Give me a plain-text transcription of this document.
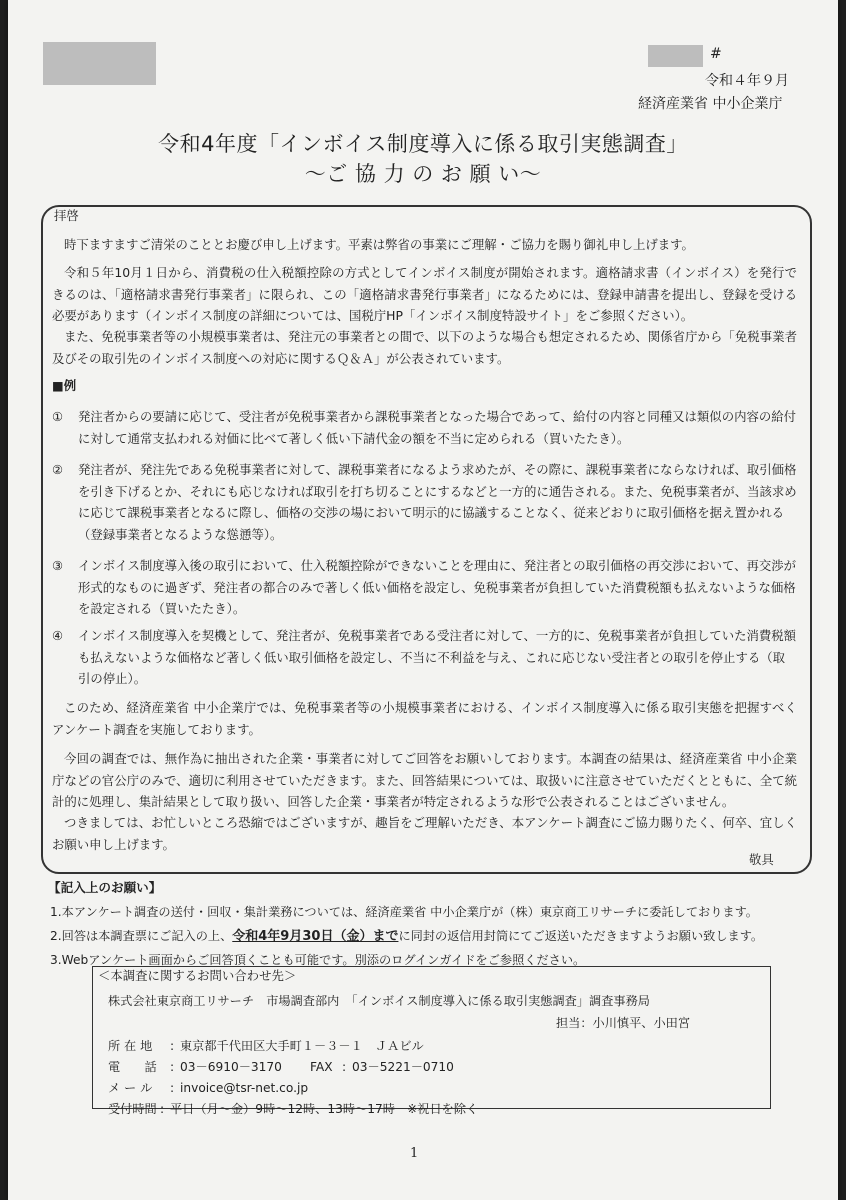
#
令和４年９月
経済産業省 中小企業庁
令和4年度「インボイス制度導入に係る取引実態調査」
〜ご 協 力 の お 願 い〜
拝啓
時下ますますご清栄のこととお慶び申し上げます。平素は弊省の事業にご理解・ご協力を賜り御礼申し上げます。
令和５年10月１日から、消費税の仕入税額控除の方式としてインボイス制度が開始されます。適格請求書（インボイス）を発行できるのは、「適格請求書発行事業者」に限られ、この「適格請求書発行事業者」になるためには、登録申請書を提出し、登録を受ける必要があります（インボイス制度の詳細については、国税庁HP「インボイス制度特設サイト」をご参照ください）。
また、免税事業者等の小規模事業者は、発注元の事業者との間で、以下のような場合も想定されるため、関係省庁から「免税事業者及びその取引先のインボイス制度への対応に関するＱ＆Ａ」が公表されています。
■例
① 発注者からの要請に応じて、受注者が免税事業者から課税事業者となった場合であって、給付の内容と同種又は類似の内容の給付に対して通常支払われる対価に比べて著しく低い下請代金の額を不当に定められる（買いたたき）。
② 発注者が、発注先である免税事業者に対して、課税事業者になるよう求めたが、その際に、課税事業者にならなければ、取引価格を引き下げるとか、それにも応じなければ取引を打ち切ることにするなどと一方的に通告される。また、免税事業者が、当該求めに応じて課税事業者となるに際し、価格の交渉の場において明示的に協議することなく、従来どおりに取引価格を据え置かれる（登録事業者となるような慫慂等）。
③ インボイス制度導入後の取引において、仕入税額控除ができないことを理由に、発注者との取引価格の再交渉において、再交渉が形式的なものに過ぎず、発注者の都合のみで著しく低い価格を設定し、免税事業者が負担していた消費税額も払えないような価格を設定される（買いたたき）。
④ インボイス制度導入を契機として、発注者が、免税事業者である受注者に対して、一方的に、免税事業者が負担していた消費税額も払えないような価格など著しく低い取引価格を設定し、不当に不利益を与え、これに応じない受注者との取引を停止する（取引の停止）。
このため、経済産業省 中小企業庁では、免税事業者等の小規模事業者における、インボイス制度導入に係る取引実態を把握すべくアンケート調査を実施しております。
今回の調査では、無作為に抽出された企業・事業者に対してご回答をお願いしております。本調査の結果は、経済産業省 中小企業庁などの官公庁のみで、適切に利用させていただきます。また、回答結果については、取扱いに注意させていただくとともに、全て統計的に処理し、集計結果として取り扱い、回答した企業・事業者が特定されるような形で公表されることはございません。
つきましては、お忙しいところ恐縮ではございますが、趣旨をご理解いただき、本アンケート調査にご協力賜りたく、何卒、宜しくお願い申し上げます。
敬具
【記入上のお願い】
1.本アンケート調査の送付・回収・集計業務については、経済産業省 中小企業庁が（株）東京商工リサーチに委託しております。
2.回答は本調査票にご記入の上、令和4年9月30日（金）までに同封の返信用封筒にてご返送いただきますようお願い致します。
3.Webアンケート画面からご回答頂くことも可能です。別添のログインガイドをご参照ください。
＜本調査に関するお問い合わせ先＞
株式会社東京商工リサーチ　市場調査部内　「インボイス制度導入に係る取引実態調査」調査事務局
担当：小川慎平、小田宮
所 在 地 : 東京都千代田区大手町１－３－１　ＪＡビル
電　　話 : 03－6910－3170 FAX : 03－5221－0710
メ ー ル : invoice@tsr-net.co.jp
受付時間 : 平日（月～金）9時～12時、13時～17時　※祝日を除く
1
